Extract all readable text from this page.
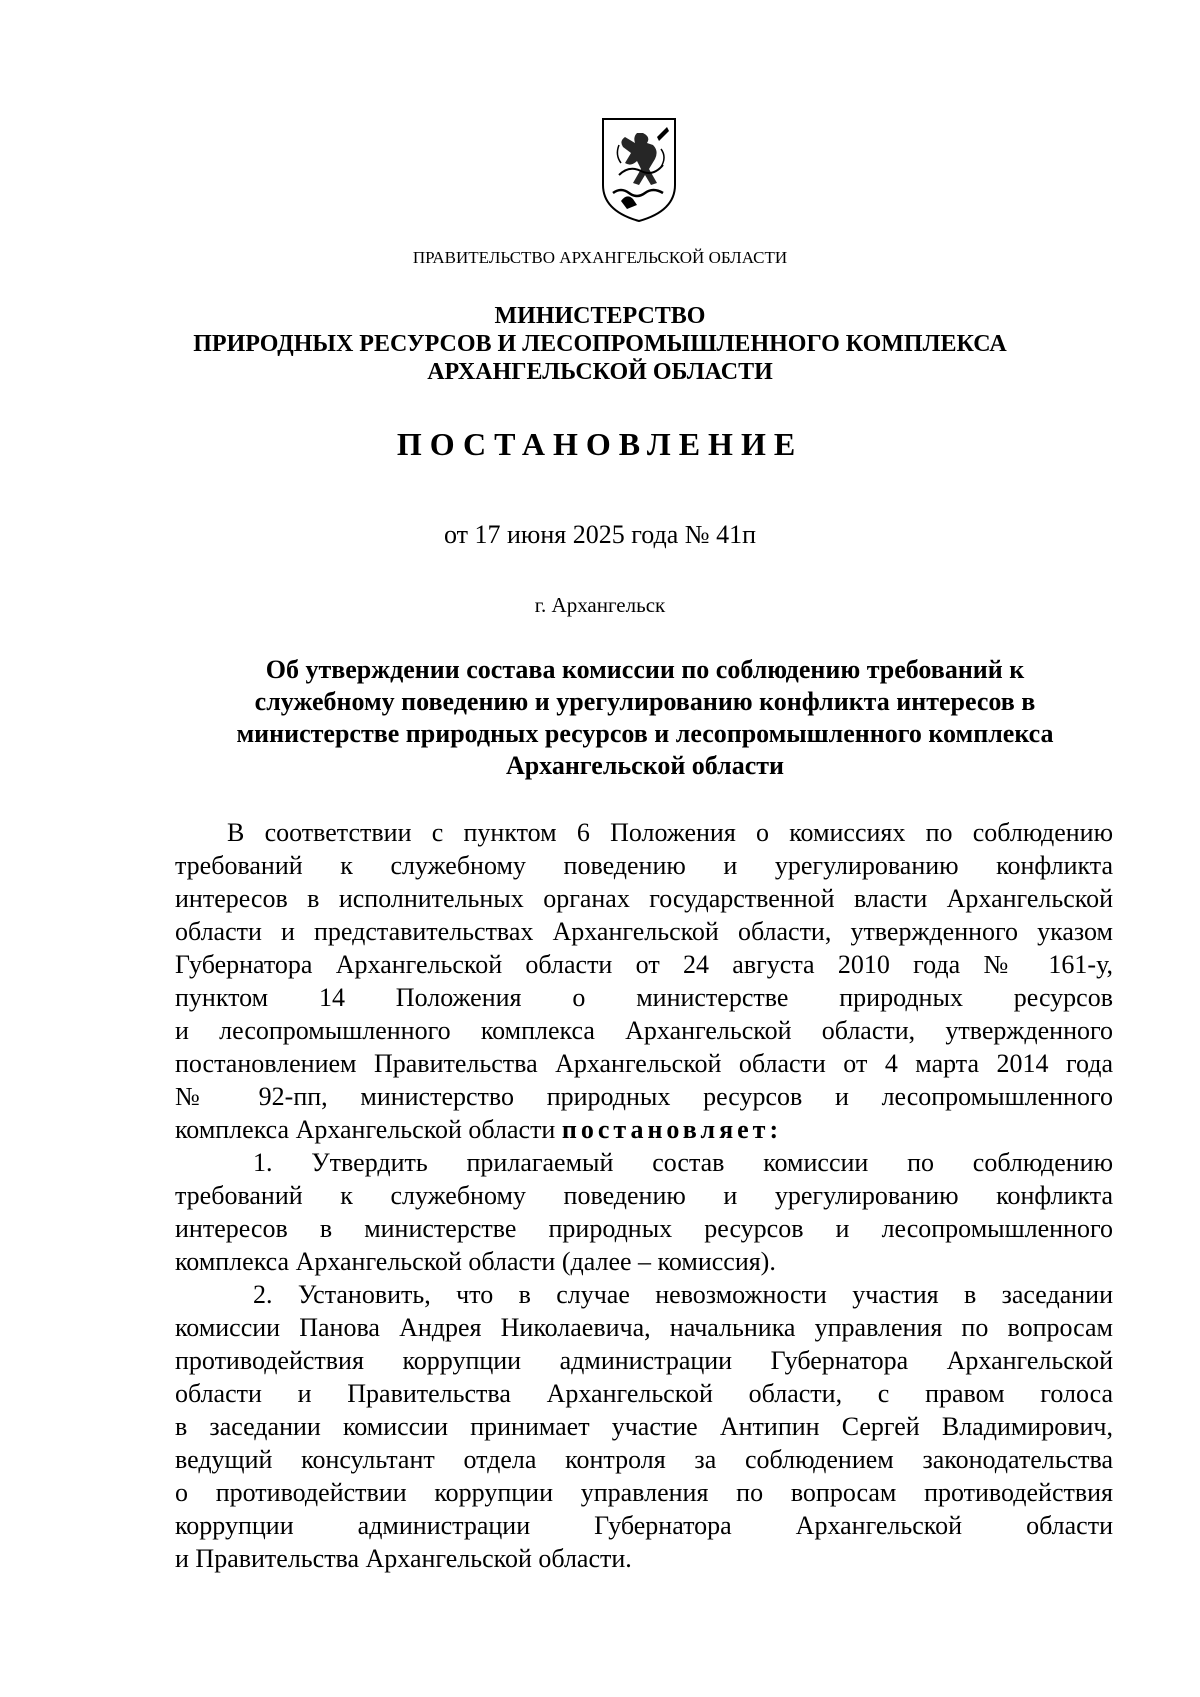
ПРАВИТЕЛЬСТВО АРХАНГЕЛЬСКОЙ ОБЛАСТИ
МИНИСТЕРСТВО
ПРИРОДНЫХ РЕСУРСОВ И ЛЕСОПРОМЫШЛЕННОГО КОМПЛЕКСА
АРХАНГЕЛЬСКОЙ ОБЛАСТИ
ПОСТАНОВЛЕНИЕ
от 17 июня 2025 года № 41п
г. Архангельск
Об утверждении состава комиссии по соблюдению требований к
служебному поведению и урегулированию конфликта интересов в
министерстве природных ресурсов и лесопромышленного комплекса
Архангельской области

В соответствии с пунктом 6 Положения о комиссиях по соблюдению
требований к служебному поведению и урегулированию конфликта
интересов в исполнительных органах государственной власти Архангельской
области и представительствах Архангельской области, утвержденного указом
Губернатора Архангельской области от 24 августа 2010 года № 161-у,
пунктом 14 Положения о министерстве природных ресурсов
и лесопромышленного комплекса Архангельской области, утвержденного
постановлением Правительства Архангельской области от 4 марта 2014 года
№ 92-пп, министерство природных ресурсов и лесопромышленного
комплекса Архангельской области постановляет:

1. Утвердить прилагаемый состав комиссии по соблюдению
требований к служебному поведению и урегулированию конфликта
интересов в министерстве природных ресурсов и лесопромышленного
комплекса Архангельской области (далее – комиссия).

2. Установить, что в случае невозможности участия в заседании
комиссии Панова Андрея Николаевича, начальника управления по вопросам
противодействия коррупции администрации Губернатора Архангельской
области и Правительства Архангельской области, с правом голоса
в заседании комиссии принимает участие Антипин Сергей Владимирович,
ведущий консультант отдела контроля за соблюдением законодательства
о противодействии коррупции управления по вопросам противодействия
коррупции администрации Губернатора Архангельской области
и Правительства Архангельской области.
